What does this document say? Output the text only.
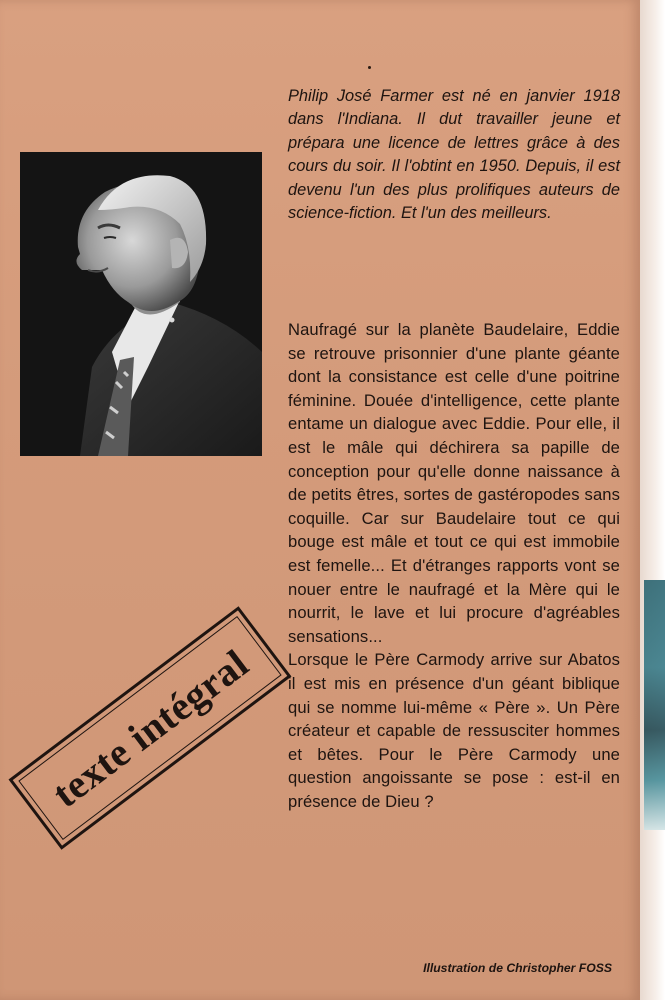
Philip José Farmer est né en janvier 1918 dans l'Indiana. Il dut travailler jeune et prépara une licence de lettres grâce à des cours du soir. Il l'obtint en 1950. Depuis, il est devenu l'un des plus prolifiques auteurs de science-fiction. Et l'un des meilleurs.

Naufragé sur la planète Baudelaire, Eddie se retrouve prisonnier d'une plante géante dont la consistance est celle d'une poitrine féminine. Douée d'intelligence, cette plante entame un dialogue avec Eddie. Pour elle, il est le mâle qui déchirera sa papille de conception pour qu'elle donne naissance à de petits êtres, sortes de gastéropodes sans coquille. Car sur Baudelaire tout ce qui bouge est mâle et tout ce qui est immobile est femelle... Et d'étranges rapports vont se nouer entre le naufragé et la Mère qui le nourrit, le lave et lui procure d'agréables sensations...

Lorsque le Père Carmody arrive sur Abatos il est mis en présence d'un géant biblique qui se nomme lui-même « Père ». Un Père créateur et capable de ressusciter hommes et bêtes. Pour le Père Carmody une question angoissante se pose : est-il en présence de Dieu ?

texte intégral
Illustration de Christopher FOSS
